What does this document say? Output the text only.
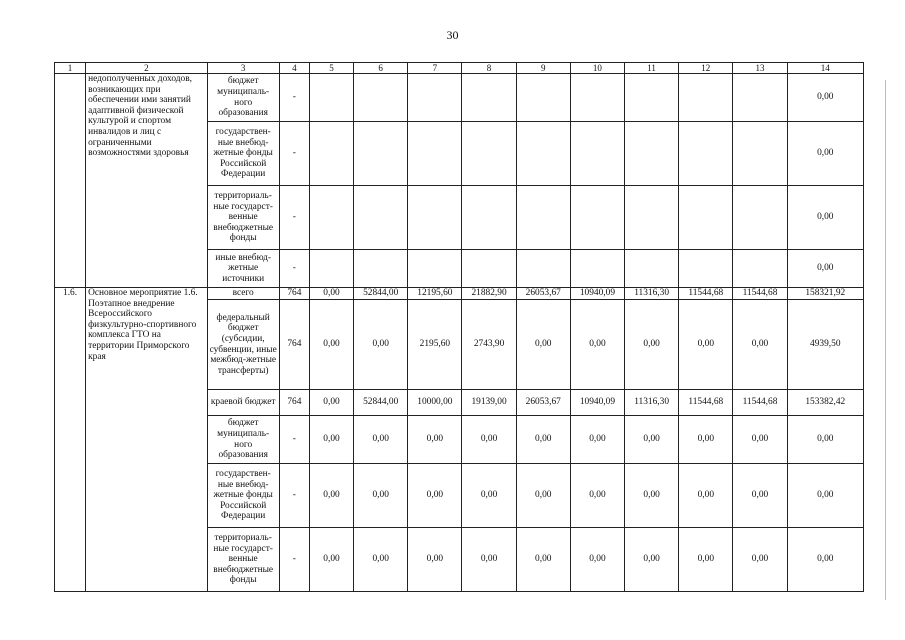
30
1	2	3	4	5	6	7	8	9	10	11	12	13	14
	недополученных доходов, возникающих при обеспечении ими занятий адаптивной физической культурой и спортом инвалидов и лиц с ограниченными возможностями здоровья	бюджет муниципаль-ного образования	-										0,00
		государствен-ные внебюд-жетные фонды Российской Федерации	-										0,00
		территориаль-ные государст-венные внебюджетные фонды	-										0,00
		иные внебюд-жетные источники	-										0,00
1.6.	Основное мероприятие 1.6. Поэтапное внедрение Всероссийского физкультурно-спортивного комплекса ГТО на территории Приморского края	всего	764	0,00	52844,00	12195,60	21882,90	26053,67	10940,09	11316,30	11544,68	11544,68	158321,92
		федеральный бюджет (субсидии, субвенции, иные межбюд-жетные трансферты)	764	0,00	0,00	2195,60	2743,90	0,00	0,00	0,00	0,00	0,00	4939,50
		краевой бюджет	764	0,00	52844,00	10000,00	19139,00	26053,67	10940,09	11316,30	11544,68	11544,68	153382,42
		бюджет муниципаль-ного образования	-	0,00	0,00	0,00	0,00	0,00	0,00	0,00	0,00	0,00	0,00
		государствен-ные внебюд-жетные фонды Российской Федерации	-	0,00	0,00	0,00	0,00	0,00	0,00	0,00	0,00	0,00	0,00
		территориаль-ные государст-венные внебюджетные фонды	-	0,00	0,00	0,00	0,00	0,00	0,00	0,00	0,00	0,00	0,00
